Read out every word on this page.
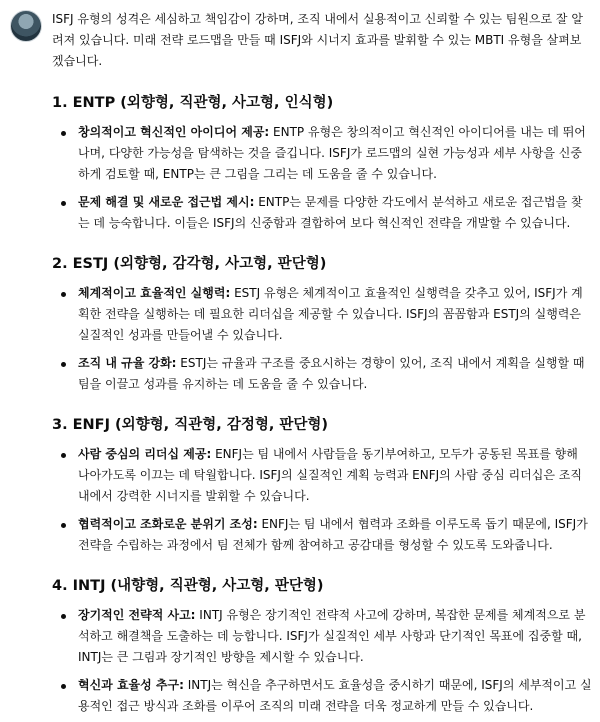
ISFJ 유형의 성격은 세심하고 책임감이 강하며, 조직 내에서 실용적이고 신뢰할 수 있는 팀원으로 잘 알려져 있습니다. 미래 전략 로드맵을 만들 때 ISFJ와 시너지 효과를 발휘할 수 있는 MBTI 유형을 살펴보겠습니다.

1. ENTP (외향형, 직관형, 사고형, 인식형)

창의적이고 혁신적인 아이디어 제공: ENTP 유형은 창의적이고 혁신적인 아이디어를 내는 데 뛰어나며, 다양한 가능성을 탐색하는 것을 즐깁니다. ISFJ가 로드맵의 실현 가능성과 세부 사항을 신중하게 검토할 때, ENTP는 큰 그림을 그리는 데 도움을 줄 수 있습니다.

문제 해결 및 새로운 접근법 제시: ENTP는 문제를 다양한 각도에서 분석하고 새로운 접근법을 찾는 데 능숙합니다. 이들은 ISFJ의 신중함과 결합하여 보다 혁신적인 전략을 개발할 수 있습니다.

2. ESTJ (외향형, 감각형, 사고형, 판단형)

체계적이고 효율적인 실행력: ESTJ 유형은 체계적이고 효율적인 실행력을 갖추고 있어, ISFJ가 계획한 전략을 실행하는 데 필요한 리더십을 제공할 수 있습니다. ISFJ의 꼼꼼함과 ESTJ의 실행력은 실질적인 성과를 만들어낼 수 있습니다.

조직 내 규율 강화: ESTJ는 규율과 구조를 중요시하는 경향이 있어, 조직 내에서 계획을 실행할 때 팀을 이끌고 성과를 유지하는 데 도움을 줄 수 있습니다.

3. ENFJ (외향형, 직관형, 감정형, 판단형)

사람 중심의 리더십 제공: ENFJ는 팀 내에서 사람들을 동기부여하고, 모두가 공동된 목표를 향해 나아가도록 이끄는 데 탁월합니다. ISFJ의 실질적인 계획 능력과 ENFJ의 사람 중심 리더십은 조직 내에서 강력한 시너지를 발휘할 수 있습니다.

협력적이고 조화로운 분위기 조성: ENFJ는 팀 내에서 협력과 조화를 이루도록 돕기 때문에, ISFJ가 전략을 수립하는 과정에서 팀 전체가 함께 참여하고 공감대를 형성할 수 있도록 도와줍니다.

4. INTJ (내향형, 직관형, 사고형, 판단형)

장기적인 전략적 사고: INTJ 유형은 장기적인 전략적 사고에 강하며, 복잡한 문제를 체계적으로 분석하고 해결책을 도출하는 데 능합니다. ISFJ가 실질적인 세부 사항과 단기적인 목표에 집중할 때, INTJ는 큰 그림과 장기적인 방향을 제시할 수 있습니다.

혁신과 효율성 추구: INTJ는 혁신을 추구하면서도 효율성을 중시하기 때문에, ISFJ의 세부적이고 실용적인 접근 방식과 조화를 이루어 조직의 미래 전략을 더욱 정교하게 만들 수 있습니다.
